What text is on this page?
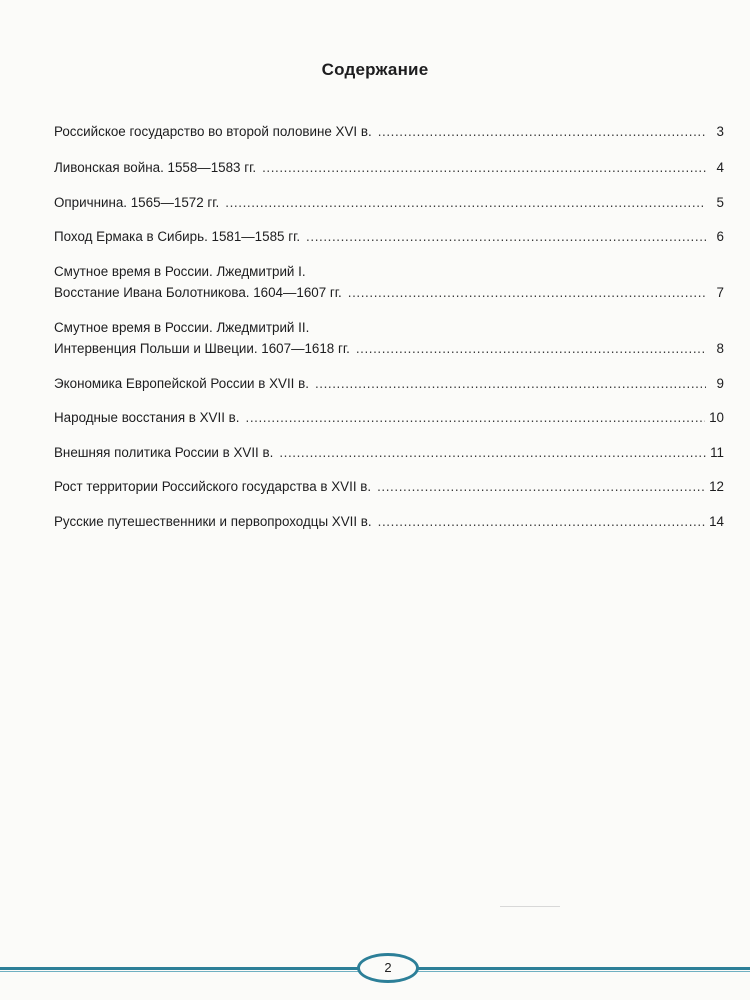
Содержание
Российское государство во второй половине XVI в. .....	3
Ливонская война. 1558—1583 гг. .....	4
Опричнина. 1565—1572 гг. .....	5
Поход Ермака в Сибирь. 1581—1585 гг. .....	6
Смутное время в России. Лжедмитрий I.
Восстание Ивана Болотникова. 1604—1607 гг. .....	7
Смутное время в России. Лжедмитрий II.
Интервенция Польши и Швеции. 1607—1618 гг. .....	8
Экономика Европейской России в XVII в. .....	9
Народные восстания в XVII в. .....	10
Внешняя политика России в XVII в. .....	11
Рост территории Российского государства в XVII в. .....	12
Русские путешественники и первопроходцы XVII в. .....	14
2
